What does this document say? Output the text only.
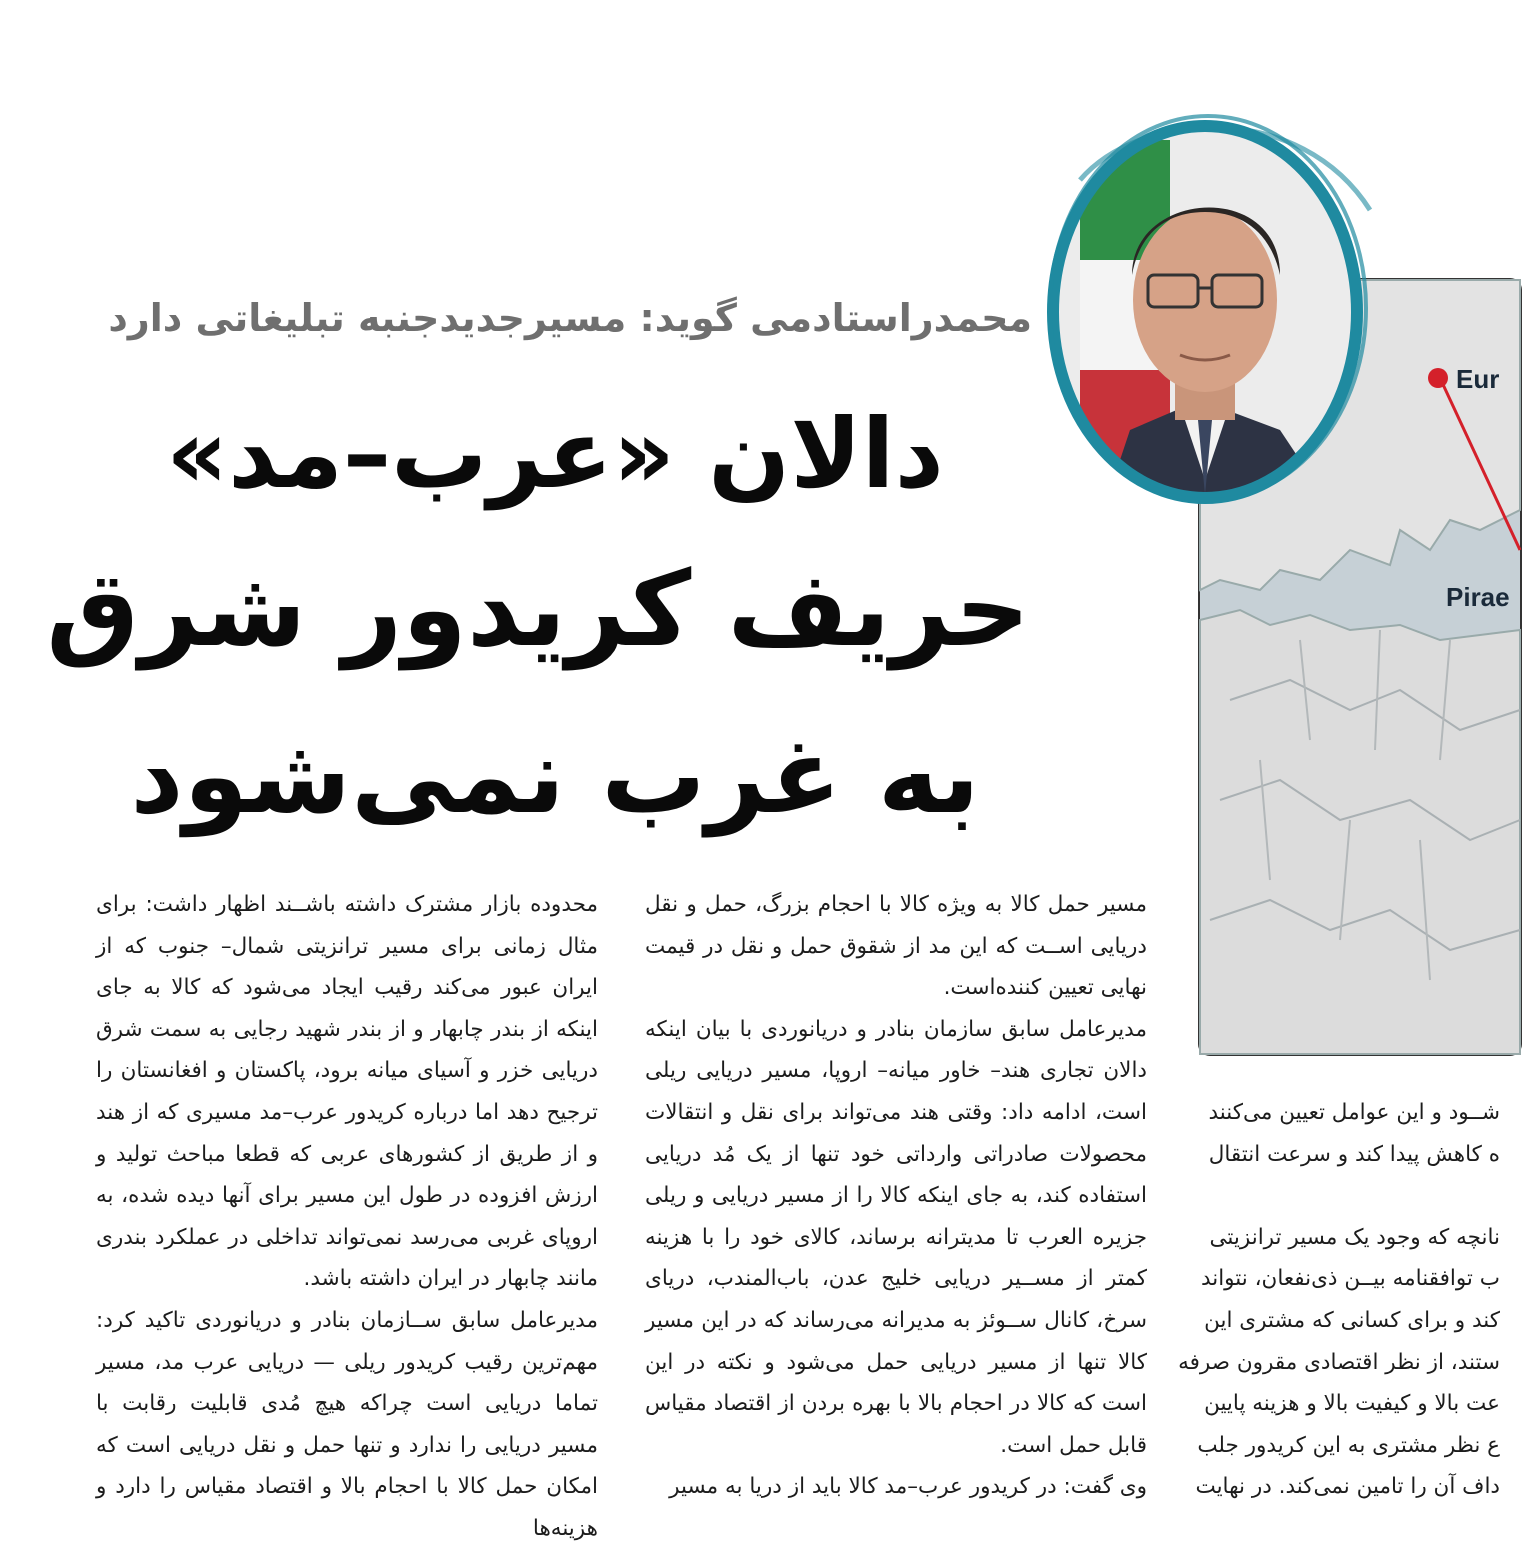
Eur
Pirae
محمدراستادمی گوید: مسیرجدیدجنبه تبلیغاتی دارد
دالان «عرب–مد»
حریف کریدور شرق
به غرب نمی‌شود

مسیر حمل کالا به ویژه کالا با احجام بزرگ، حمل و نقل دریایی اســت که این مد از شقوق حمل و نقل در قیمت نهایی تعیین کننده‌است.

مدیرعامل سابق سازمان بنادر و دریانوردی با بیان اینکه دالان تجاری هند– خاور میانه– اروپا، مسیر دریایی ریلی است، ادامه داد: وقتی هند می‌تواند برای نقل و انتقالات محصولات صادراتی وارداتی خود تنها از یک مُد دریایی استفاده کند، به جای اینکه کالا را از مسیر دریایی و ریلی جزیره العرب تا مدیترانه برساند، کالای خود را با هزینه کمتر از مســیر دریایی خلیج عدن، باب‌المندب، دریای سرخ، کانال ســوئز به مدیرانه می‌رساند که در این مسیر کالا تنها از مسیر دریایی حمل می‌شود و نکته در این است که کالا در احجام بالا با بهره بردن از اقتصاد مقیاس قابل حمل است.

وی گفت: در کریدور عرب–مد کالا باید از دریا به مسیر

محدوده بازار مشترک داشته باشــند اظهار داشت: برای مثال زمانی برای مسیر ترانزیتی شمال– جنوب که از ایران عبور می‌کند رقیب ایجاد می‌شود که کالا به جای اینکه از بندر چابهار و از بندر شهید رجایی به سمت شرق دریایی خزر و آسیای میانه برود، پاکستان و افغانستان را ترجیح دهد اما درباره کریدور عرب–مد مسیری که از هند و از طریق از کشورهای عربی که قطعا مباحث تولید و ارزش افزوده در طول این مسیر برای آنها دیده شده، به اروپای غربی می‌رسد نمی‌تواند تداخلی در عملکرد بندری مانند چابهار در ایران داشته باشد.

مدیرعامل سابق ســازمان بنادر و دریانوردی تاکید کرد: مهم‌ترین رقیب کریدور ریلی — دریایی عرب مد، مسیر تماما دریایی است چراکه هیچ مُدی قابلیت رقابت با مسیر دریایی را ندارد و تنها حمل و نقل دریایی است که امکان حمل کالا با احجام بالا و اقتصاد مقیاس را دارد و هزینه‌ها

شــود و این عوامل تعیین می‌کنند

ه کاهش پیدا کند و سرعت انتقال

نانچه که وجود یک مسیر ترانزیتی

ب توافقنامه بیــن ذی‌نفعان، نتواند

کند و برای کسانی که مشتری این

ستند، از نظر اقتصادی مقرون صرفه

عت بالا و کیفیت بالا و هزینه پایین

ع نظر مشتری به این کریدور جلب

داف آن را تامین نمی‌کند. در نهایت
